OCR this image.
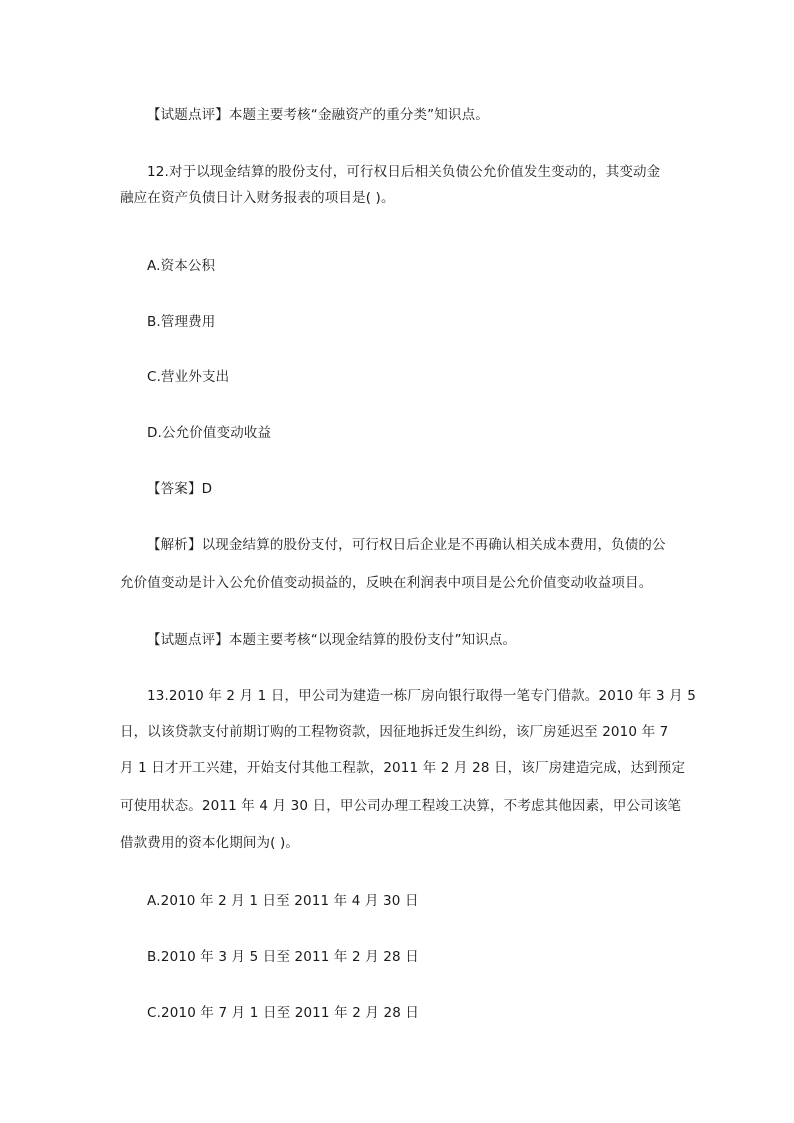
【试题点评】本题主要考核“金融资产的重分类”知识点。
12.对于以现金结算的股份支付，可行权日后相关负债公允价值发生变动的，其变动金
融应在资产负债日计入财务报表的项目是( )。
A.资本公积
B.管理费用
C.营业外支出
D.公允价值变动收益
【答案】D
【解析】以现金结算的股份支付，可行权日后企业是不再确认相关成本费用，负债的公
允价值变动是计入公允价值变动损益的，反映在利润表中项目是公允价值变动收益项目。
【试题点评】本题主要考核“以现金结算的股份支付”知识点。
13.2010 年 2 月 1 日，甲公司为建造一栋厂房向银行取得一笔专门借款。2010 年 3 月 5
日，以该贷款支付前期订购的工程物资款，因征地拆迁发生纠纷，该厂房延迟至 2010 年 7
月 1 日才开工兴建，开始支付其他工程款，2011 年 2 月 28 日，该厂房建造完成，达到预定
可使用状态。2011 年 4 月 30 日，甲公司办理工程竣工决算，不考虑其他因素，甲公司该笔
借款费用的资本化期间为( )。
A.2010 年 2 月 1 日至 2011 年 4 月 30 日
B.2010 年 3 月 5 日至 2011 年 2 月 28 日
C.2010 年 7 月 1 日至 2011 年 2 月 28 日
